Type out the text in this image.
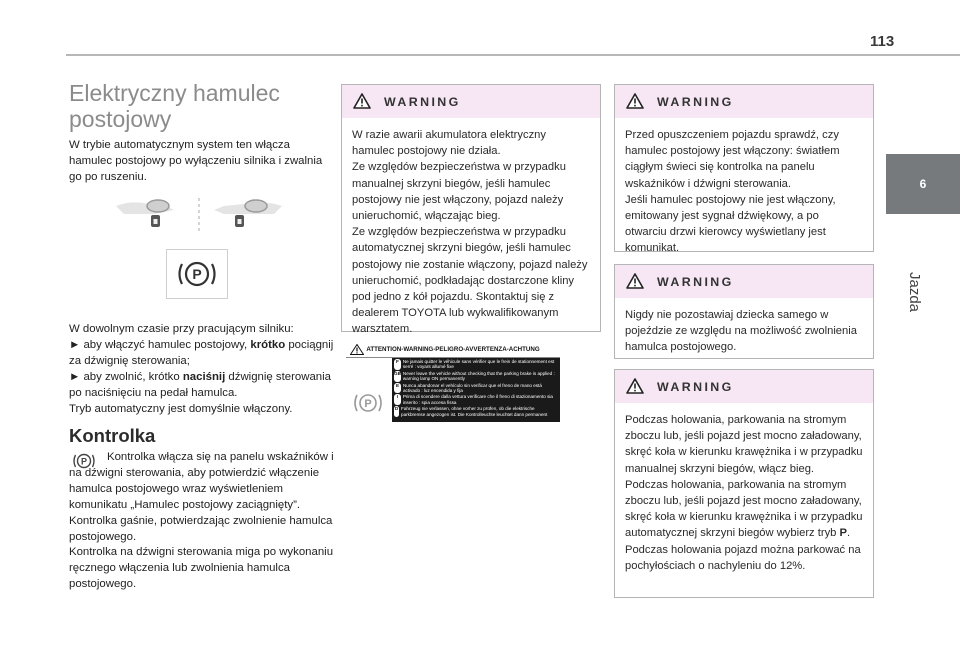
113
6
Jazda
Elektryczny hamulec postojowy

W trybie automatycznym system ten włącza hamulec postojowy po wyłączeniu silnika i zwalnia go po ruszeniu.

P

W dowolnym czasie przy pracującym silniku:

► aby włączyć hamulec postojowy, krótko pociągnij za dźwignię sterowania;

► aby zwolnić, krótko naciśnij dźwignię sterowania po naciśnięciu na pedał hamulca.

Tryb automatyczny jest domyślnie włączony.

Kontrolka
P	Kontrolka włącza się na panelu wskaźników i na dźwigni sterowania, aby potwierdzić włączenie hamulca postojowego wraz wyświetleniem komunikatu „Hamulec postojowy zaciągnięty”.

Kontrolka gaśnie, potwierdzając zwolnienie hamulca postojowego.

Kontrolka na dźwigni sterowania miga po wykonaniu ręcznego włączenia lub zwolnienia hamulca postojowego.

WARNING
W razie awarii akumulatora elektryczny hamulec postojowy nie działa.
Ze względów bezpieczeństwa w przypadku manualnej skrzyni biegów, jeśli hamulec postojowy nie jest włączony, pojazd należy unieruchomić, włączając bieg.
Ze względów bezpieczeństwa w przypadku automatycznej skrzyni biegów, jeśli hamulec postojowy nie zostanie włączony, pojazd należy unieruchomić, podkładając dostarczone kliny pod jedno z kół pojazdu. Skontaktuj się z dealerem TOYOTA lub wykwalifikowanym warsztatem.
ATTENTION-WARNING-PELIGRO-AVVERTENZA-ACHTUNG
P
F Ne jamais quitter le véhicule sans vérifier que le frein de stationnement est serré : voyant allumé fixe
GB Never leave the vehicle without checking that the parking brake is applied : warning lamp ON permanently
E Nunca abandonar el vehículo sin verificar que el freno de mano está activado : luz encendida y fija
I	Prima di scendere dalla vettura verificare che il freno di stazionamento sia inserito : spia accesa fissa
D Fahrzeug nie verlassen, ohne vorher zu prüfen, ob die elektrische parkbremse angezogen ist. Die Kontrolleuchte leuchtet dann permanent
WARNING
Przed opuszczeniem pojazdu sprawdź, czy hamulec postojowy jest włączony: światłem ciągłym świeci się kontrolka na panelu wskaźników i dźwigni sterowania.
Jeśli hamulec postojowy nie jest włączony, emitowany jest sygnał dźwiękowy, a po otwarciu drzwi kierowcy wyświetlany jest komunikat.
WARNING
Nigdy nie pozostawiaj dziecka samego w pojeździe ze względu na możliwość zwolnienia hamulca postojowego.
WARNING
Podczas holowania, parkowania na stromym zboczu lub, jeśli pojazd jest mocno załadowany, skręć koła w kierunku krawężnika i w przypadku manualnej skrzyni biegów, włącz bieg.
Podczas holowania, parkowania na stromym zboczu lub, jeśli pojazd jest mocno załadowany, skręć koła w kierunku krawężnika i w przypadku automatycznej skrzyni biegów wybierz tryb P.
Podczas holowania pojazd można parkować na pochyłościach o nachyleniu do 12%.
